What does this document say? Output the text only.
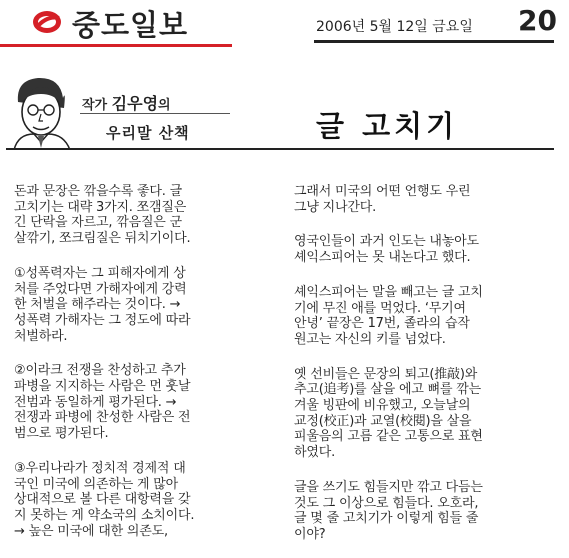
중도일보	2006년 5월 12일 금요일 20
작가 김우영의
우리말 산책	글 고치기

돈과 문장은 깎을수록 좋다. 글
고치기는 대략 3가지. 쪼갬질은
긴 단락을 자르고, 깎음질은 군
살깎기, 쪼크림질은 뒤치기이다.

①성폭력자는 그 피해자에게 상
처를 주었다면 가해자에게 강력
한 처벌을 해주라는 것이다. →
성폭력 가해자는 그 정도에 따라
처벌하라.

②이라크 전쟁을 찬성하고 추가
파병을 지지하는 사람은 먼 훗날
전범과 동일하게 평가된다. →
전쟁과 파병에 찬성한 사람은 전
범으로 평가된다.

③우리나라가 정치적 경제적 대
국인 미국에 의존하는 게 많아
상대적으로 볼 다른 대항력을 갖
지 못하는 게 약소국의 소치이다.
→ 높은 미국에 대한 의존도,

그래서 미국의 어떤 언행도 우린
그냥 지나간다.

영국인들이 과거 인도는 내놓아도
셰익스피어는 못 내논다고 했다.

셰익스피어는 말을 빼고는 글 고치
기에 무진 애를 먹었다. ‘무기여
안녕’ 끝장은 17번, 졸라의 습작
원고는 자신의 키를 넘었다.

옛 선비들은 문장의 퇴고(推敲)와
추고(追考)를 살을 에고 뼈를 깎는
겨울 빙판에 비유했고, 오늘날의
교정(校正)과 교열(校閱)을 살을
피울음의 고름 같은 고통으로 표현
하였다.

글을 쓰기도 힘들지만 깎고 다듬는
것도 그 이상으로 힘들다. 오호라,
글 몇 줄 고치기가 이렇게 힘들 줄
이야?
